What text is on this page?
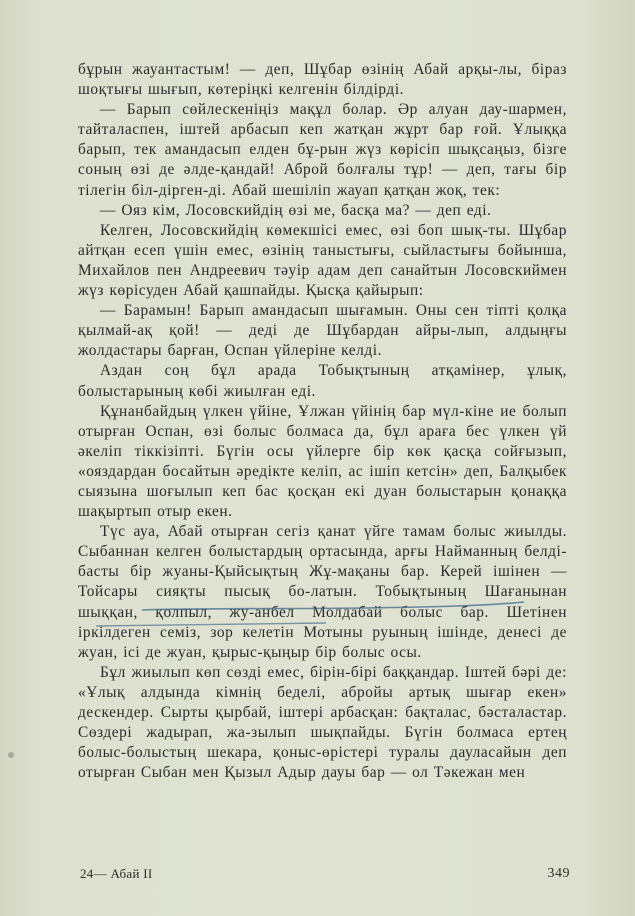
бұрын жауантастым! — деп, Шұбар өзінің Абай арқы-лы, біраз шоқтығы шығып, көтеріңкі келгенін білдірді.

— Барып сөйлескеніңіз мақұл болар. Әр алуан дау-шармен, тайталаспен, іштей арбасып кеп жатқан жұрт бар ғой. Ұлыққа барып, тек амандасып елден бұ-рын жүз көрісіп шықсаңыз, бізге соның өзі де әлде-қандай! Аброй болғалы тұр! — деп, тағы бір тілегін біл-дірген-ді. Абай шешіліп жауап қатқан жоқ, тек:

— Ояз кім, Лосовскийдің өзі ме, басқа ма? — деп еді.

Келген, Лосовскийдің көмекшісі емес, өзі боп шық-ты. Шұбар айтқан есеп үшін емес, өзінің таныстығы, сыйластығы бойынша, Михайлов пен Андреевич тәуір адам деп санайтын Лосовскиймен жүз көрісуден Абай қашпайды. Қысқа қайырып:

— Барамын! Барып амандасып шығамын. Оны сен тіпті қолқа қылмай-ақ қой! — деді де Шұбардан айры-лып, алдыңғы жолдастары барған, Оспан үйлеріне келді.

Аздан соң бұл арада Тобықтының атқамінер, ұлық, болыстарының көбі жиылған еді.

Құнанбайдың үлкен үйіне, Ұлжан үйінің бар мүл-кіне ие болып отырған Оспан, өзі болыс болмаса да, бұл араға бес үлкен үй әкеліп тіккізіпті. Бүгін осы үйлерге бір көк қасқа сойғызып, «ояздардан босайтын әредікте келіп, ас ішіп кетсін» деп, Балқыбек сыязына шоғылып кеп бас қосқан екі дуан болыстарын қонаққа шақыртып отыр екен.

Түс ауа, Абай отырған сегіз қанат үйге тамам болыс жиылды. Сыбаннан келген болыстардың ортасында, арғы Найманның белді-басты бір жуаны-Қыйсықтың Жұ-мақаны бар. Керей ішінен — Тойсары сияқты пысық бо-латын. Тобықтының Шағанынан шыққан, қолпыл, жу-анбел Молдабай болыс бар. Шетінен іркілдеген семіз, зор келетін Мотыны руының ішінде, денесі де жуан, ісі де жуан, қырыс-қыңыр бір болыс осы.

Бұл жиылып көп сөзді емес, бірін-бірі баққандар. Іштей бәрі де: «Ұлық алдында кімнің беделі, абройы артық шығар екен» дескендер. Сырты қырбай, іштері арбасқан: бақталас, бәсталастар. Сөздері жадырап, жа-зылып шықпайды. Бүгін болмаса ертең болыс-болыстың шекара, қоныс-өрістері туралы дауласайын деп отырған Сыбан мен Қызыл Адыр дауы бар — ол Тәкежан мен

24— Абай II	349
